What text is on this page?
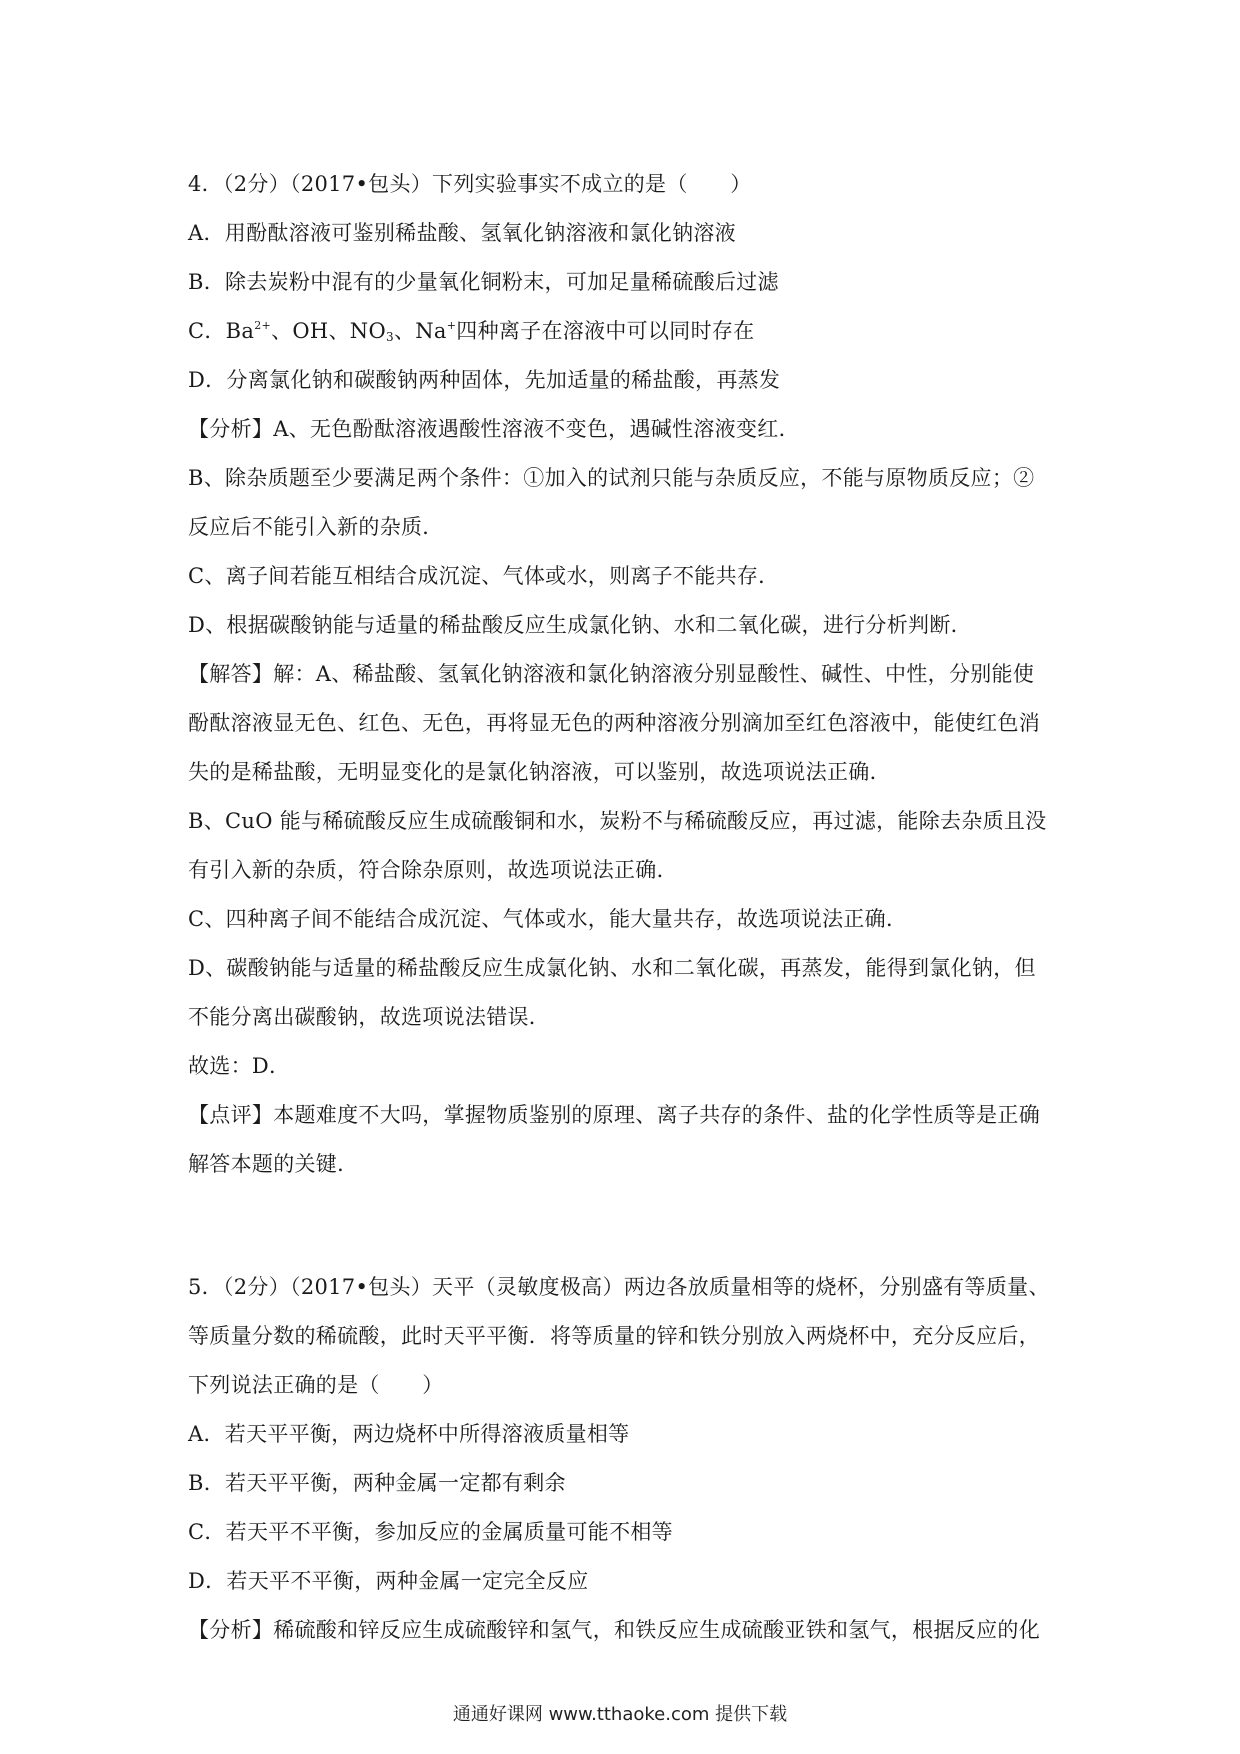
4．（2分）（2017•包头）下列实验事实不成立的是（　　）
A．用酚酞溶液可鉴别稀盐酸、氢氧化钠溶液和氯化钠溶液
B．除去炭粉中混有的少量氧化铜粉末，可加足量稀硫酸后过滤
C．$Ba^{2+}$、OH、$NO_3$、Na+四种离子在溶液中可以同时存在
D．分离氯化钠和碳酸钠两种固体，先加适量的稀盐酸，再蒸发
【分析】A、无色酚酞溶液遇酸性溶液不变色，遇碱性溶液变红．
B、除杂质题至少要满足两个条件：①加入的试剂只能与杂质反应，不能与原物质反应；②
反应后不能引入新的杂质．
C、离子间若能互相结合成沉淀、气体或水，则离子不能共存．
D、根据碳酸钠能与适量的稀盐酸反应生成氯化钠、水和二氧化碳，进行分析判断．
【解答】解：A、稀盐酸、氢氧化钠溶液和氯化钠溶液分别显酸性、碱性、中性，分别能使
酚酞溶液显无色、红色、无色，再将显无色的两种溶液分别滴加至红色溶液中，能使红色消
失的是稀盐酸，无明显变化的是氯化钠溶液，可以鉴别，故选项说法正确．
B、CuO 能与稀硫酸反应生成硫酸铜和水，炭粉不与稀硫酸反应，再过滤，能除去杂质且没
有引入新的杂质，符合除杂原则，故选项说法正确．
C、四种离子间不能结合成沉淀、气体或水，能大量共存，故选项说法正确．
D、碳酸钠能与适量的稀盐酸反应生成氯化钠、水和二氧化碳，再蒸发，能得到氯化钠，但
不能分离出碳酸钠，故选项说法错误．
故选：D．
【点评】本题难度不大吗，掌握物质鉴别的原理、离子共存的条件、盐的化学性质等是正确
解答本题的关键．
5．（2分）（2017•包头）天平（灵敏度极高）两边各放质量相等的烧杯，分别盛有等质量、
等质量分数的稀硫酸，此时天平平衡．将等质量的锌和铁分别放入两烧杯中，充分反应后，
下列说法正确的是（　　）
A．若天平平衡，两边烧杯中所得溶液质量相等
B．若天平平衡，两种金属一定都有剩余
C．若天平不平衡，参加反应的金属质量可能不相等
D．若天平不平衡，两种金属一定完全反应
【分析】稀硫酸和锌反应生成硫酸锌和氢气，和铁反应生成硫酸亚铁和氢气，根据反应的化
通通好课网 www.tthaoke.com 提供下载
